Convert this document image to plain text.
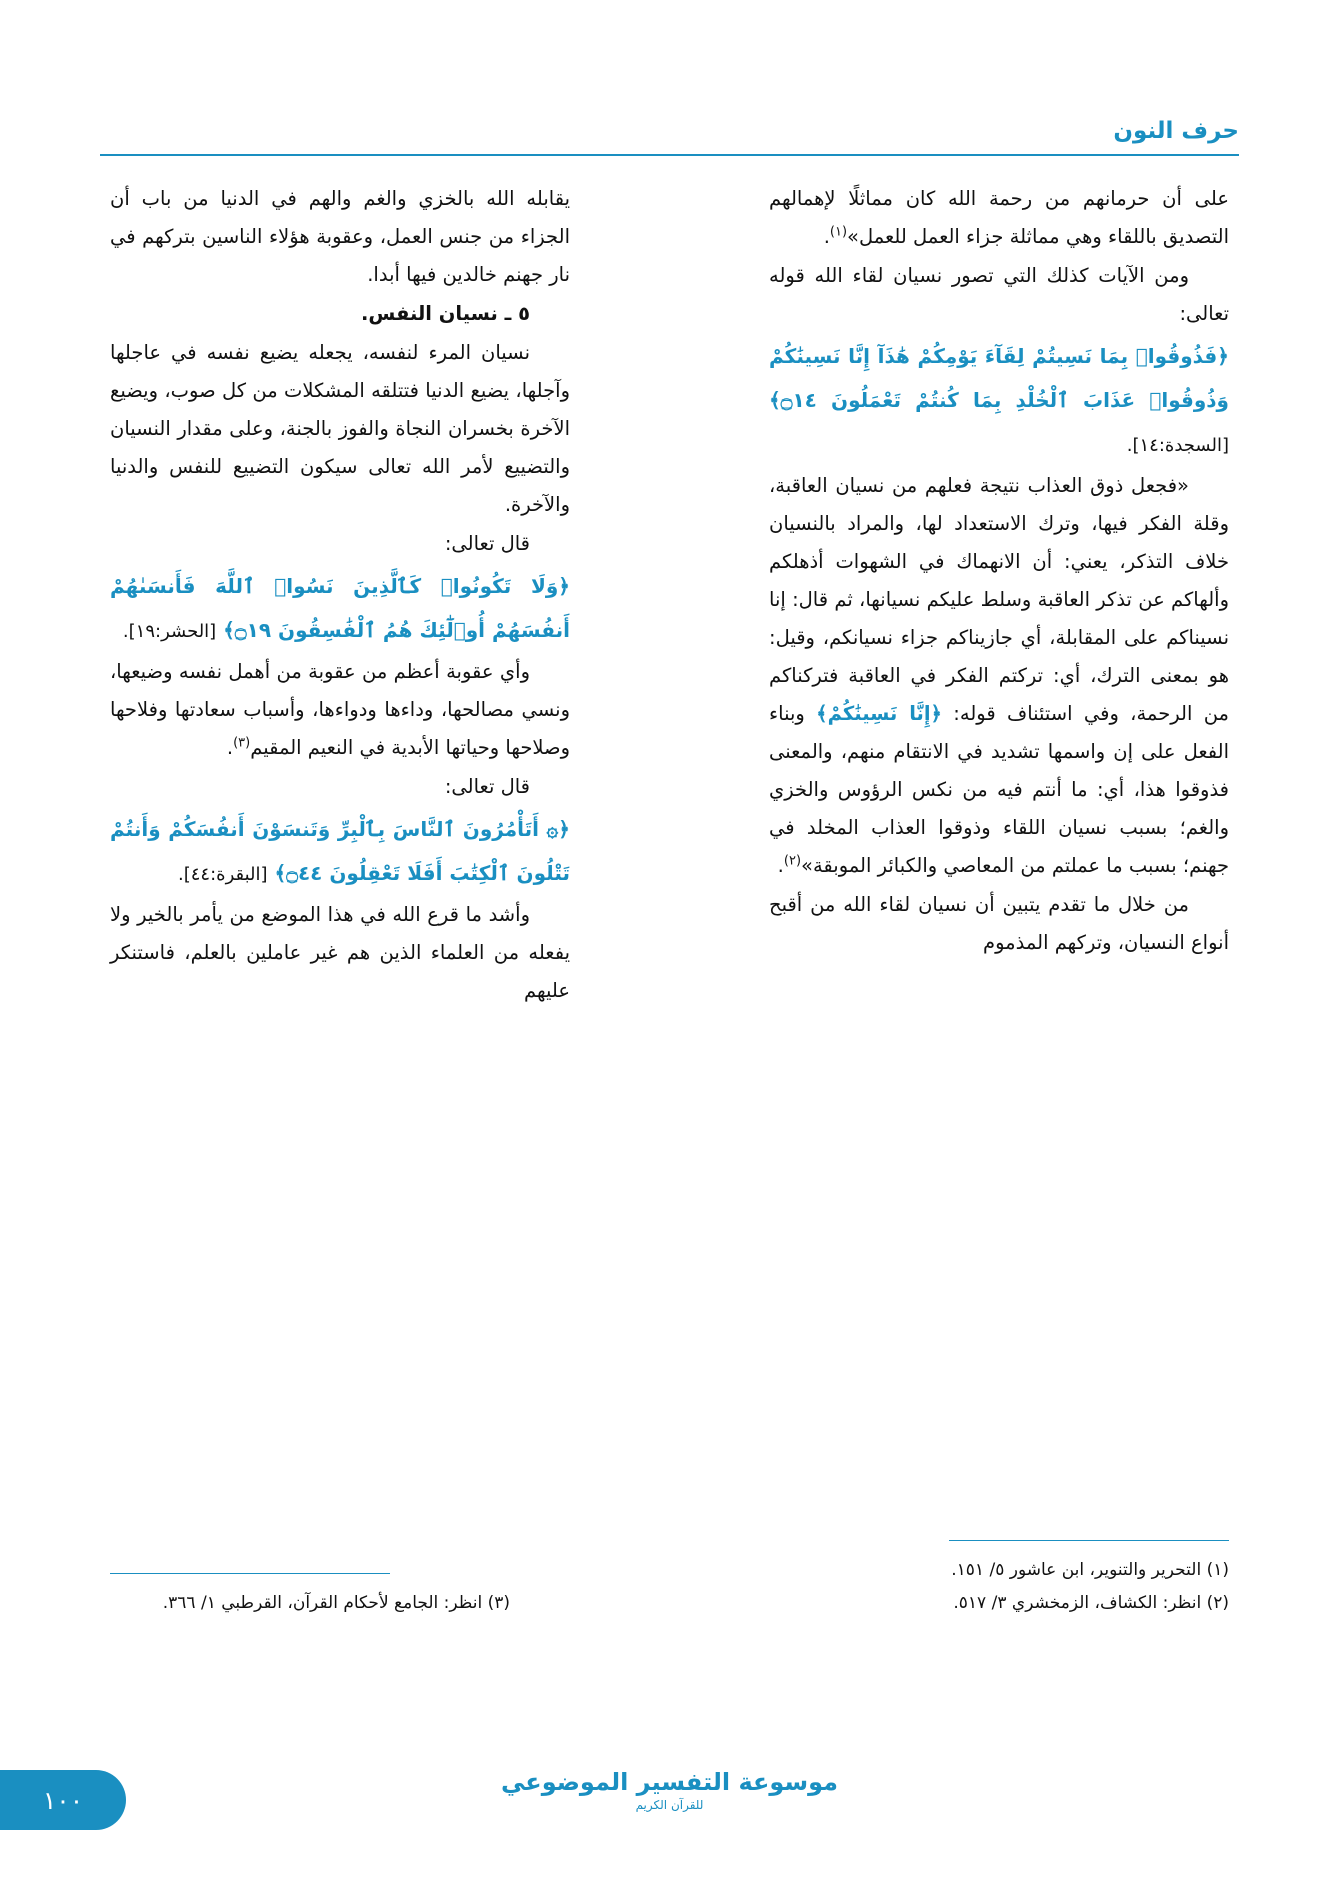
حرف النون

على أن حرمانهم من رحمة الله كان مماثلًا لإهمالهم التصديق باللقاء وهي مماثلة جزاء العمل للعمل»$^{(١)}$.

ومن الآيات كذلك التي تصور نسيان لقاء الله قوله تعالى:

﴿فَذُوقُوا۟ بِمَا نَسِيتُمْ لِقَآءَ يَوْمِكُمْ هَٰذَآ إِنَّا نَسِينَٰكُمْ وَذُوقُوا۟ عَذَابَ ٱلْخُلْدِ بِمَا كُنتُمْ تَعْمَلُونَ ۝١٤﴾ [السجدة:١٤].

«فجعل ذوق العذاب نتيجة فعلهم من نسيان العاقبة، وقلة الفكر فيها، وترك الاستعداد لها، والمراد بالنسيان خلاف التذكر، يعني: أن الانهماك في الشهوات أذهلكم وألهاكم عن تذكر العاقبة وسلط عليكم نسيانها، ثم قال: إنا نسيناكم على المقابلة، أي جازيناكم جزاء نسيانكم، وقيل: هو بمعنى الترك، أي: تركتم الفكر في العاقبة فتركناكم من الرحمة، وفي استئناف قوله: ﴿إِنَّا نَسِينَٰكُمْ﴾ وبناء الفعل على إن واسمها تشديد في الانتقام منهم، والمعنى فذوقوا هذا، أي: ما أنتم فيه من نكس الرؤوس والخزي والغم؛ بسبب نسيان اللقاء وذوقوا العذاب المخلد في جهنم؛ بسبب ما عملتم من المعاصي والكبائر الموبقة»$^{(٢)}$.

من خلال ما تقدم يتبين أن نسيان لقاء الله من أقبح أنواع النسيان، وتركهم المذموم

يقابله الله بالخزي والغم والهم في الدنيا من باب أن الجزاء من جنس العمل، وعقوبة هؤلاء الناسين بتركهم في نار جهنم خالدين فيها أبدا.

٥ ـ نسيان النفس.

نسيان المرء لنفسه، يجعله يضيع نفسه في عاجلها وآجلها، يضيع الدنيا فتتلقه المشكلات من كل صوب، ويضيع الآخرة بخسران النجاة والفوز بالجنة، وعلى مقدار النسيان والتضييع لأمر الله تعالى سيكون التضييع للنفس والدنيا والآخرة.

قال تعالى:

﴿وَلَا تَكُونُوا۟ كَٱلَّذِينَ نَسُوا۟ ٱللَّهَ فَأَنسَىٰهُمْ أَنفُسَهُمْ أُو۟لَٰٓئِكَ هُمُ ٱلْفَٰسِقُونَ ۝١٩﴾ [الحشر:١٩].

وأي عقوبة أعظم من عقوبة من أهمل نفسه وضيعها، ونسي مصالحها، وداءها ودواءها، وأسباب سعادتها وفلاحها وصلاحها وحياتها الأبدية في النعيم المقيم$^{(٣)}$.

قال تعالى:

﴿۞ أَتَأْمُرُونَ ٱلنَّاسَ بِٱلْبِرِّ وَتَنسَوْنَ أَنفُسَكُمْ وَأَنتُمْ تَتْلُونَ ٱلْكِتَٰبَ أَفَلَا تَعْقِلُونَ ۝٤٤﴾ [البقرة:٤٤].

وأشد ما قرع الله في هذا الموضع من يأمر بالخير ولا يفعله من العلماء الذين هم غير عاملين بالعلم، فاستنكر عليهم

(١) التحرير والتنوير، ابن عاشور ٥/ ١٥١.
(٢) انظر: الكشاف، الزمخشري ٣/ ٥١٧.
(٣) انظر: الجامع لأحكام القرآن، القرطبي ١/ ٣٦٦.
موسوعة التفسير الموضوعي
للقرآن الكريم
١٠٠
